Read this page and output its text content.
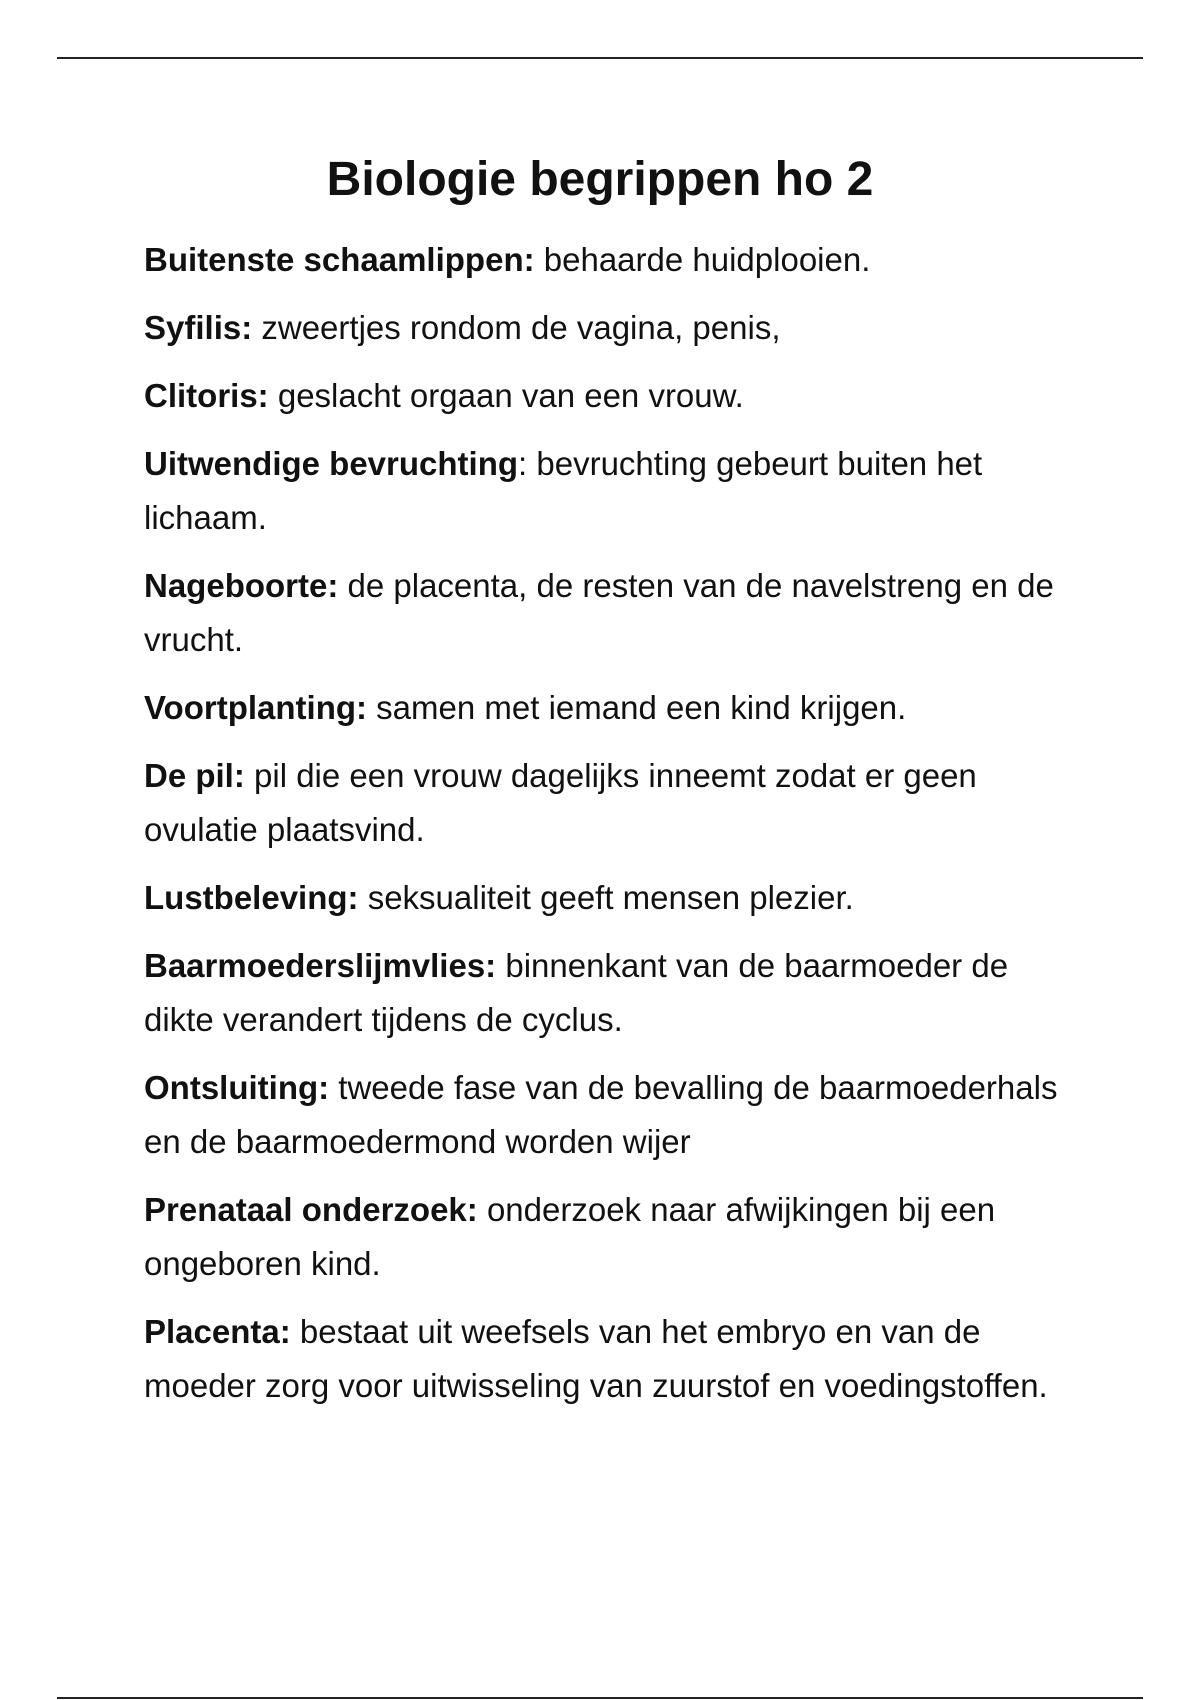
Biologie begrippen ho 2
Buitenste schaamlippen: behaarde huidplooien.
Syfilis: zweertjes rondom de vagina, penis,
Clitoris: geslacht orgaan van een vrouw.
Uitwendige bevruchting: bevruchting gebeurt buiten het lichaam.
Nageboorte: de placenta, de resten van de navelstreng en de vrucht.
Voortplanting: samen met iemand een kind krijgen.
De pil: pil die een vrouw dagelijks inneemt zodat er geen ovulatie plaatsvind.
Lustbeleving: seksualiteit geeft mensen plezier.
Baarmoederslijmvlies: binnenkant van de baarmoeder de dikte verandert tijdens de cyclus.
Ontsluiting: tweede fase van de bevalling de baarmoederhals en de baarmoedermond worden wijer
Prenataal onderzoek: onderzoek naar afwijkingen bij een ongeboren kind.
Placenta: bestaat uit weefsels van het embryo en van de moeder zorg voor uitwisseling van zuurstof en voedingstoffen.
